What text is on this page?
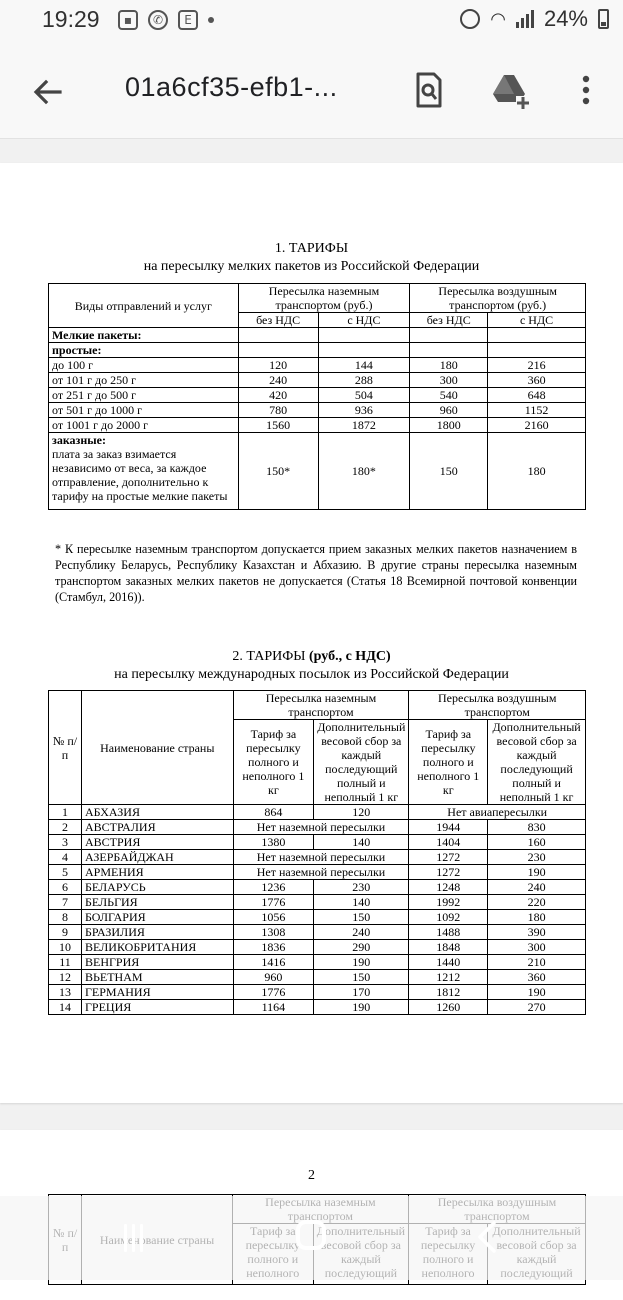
19:29	▪	✆	E	◠ 24%
01a6cf35-efb1-...
1. ТАРИФЫ
на пересылку мелких пакетов из Российской Федерации
Виды отправлений и услуг	Пересылка наземным транспортом (руб.)		Пересылка воздушным транспортом (руб.)	
	без НДС	с НДС	без НДС	с НДС
Мелкие пакеты:				
простые:				
до 100 г	120	144	180	216
от 101 г до 250 г	240	288	300	360
от 251 г до 500 г	420	504	540	648
от 501 г до 1000 г	780	936	960	1152
от 1001 г до 2000 г	1560	1872	1800	2160

заказные:
плата за заказ взимается независимо от веса, за каждое отправление, дополнительно к тарифу на простые мелкие пакеты	150*	180*	150	180
* К пересылке наземным транспортом допускается прием заказных мелких пакетов назначением в Республику Беларусь, Республику Казахстан и Абхазию. В другие страны пересылка наземным транспортом заказных мелких пакетов не допускается (Статья 18 Всемирной почтовой конвенции (Стамбул, 2016)).
2. ТАРИФЫ (руб., с НДС)
на пересылку международных посылок из Российской Федерации
№ п/п	Наименование страны	Пересылка наземным транспортом		Пересылка воздушным транспортом	
		Тариф за пересылку полного и неполного 1 кг	Дополнительный весовой сбор за каждый последующий полный и неполный 1 кг	Тариф за пересылку полного и неполного 1 кг	Дополнительный весовой сбор за каждый последующий полный и неполный 1 кг
1	АБХАЗИЯ	864	120	Нет авиапересылки	
2	АВСТРАЛИЯ	Нет наземной пересылки		1944	830
3	АВСТРИЯ	1380	140	1404	160
4	АЗЕРБАЙДЖАН	Нет наземной пересылки		1272	230
5	АРМЕНИЯ	Нет наземной пересылки		1272	190
6	БЕЛАРУСЬ	1236	230	1248	240
7	БЕЛЬГИЯ	1776	140	1992	220
8	БОЛГАРИЯ	1056	150	1092	180
9	БРАЗИЛИЯ	1308	240	1488	390
10	ВЕЛИКОБРИТАНИЯ	1836	290	1848	300
11	ВЕНГРИЯ	1416	190	1440	210
12	ВЬЕТНАМ	960	150	1212	360
13	ГЕРМАНИЯ	1776	170	1812	190
14	ГРЕЦИЯ	1164	190	1260	270
2
